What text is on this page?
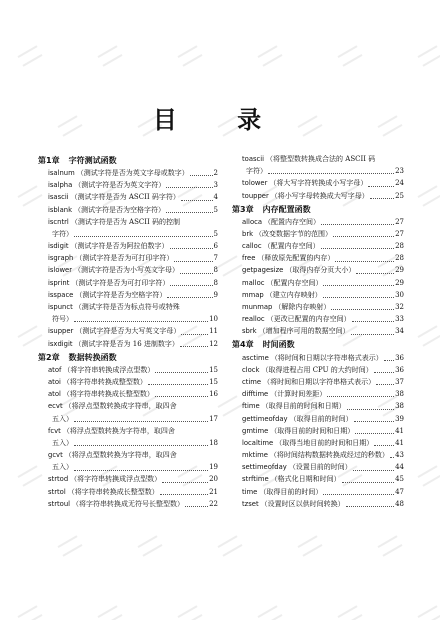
目 录
第1章 字符测试函数
isalnum （测试字符是否为英文字母或数字）	2
isalpha （测试字符是否为英文字符）	3
isascii （测试字符是否为 ASCII 码字符）	4
isblank （测试字符是否为空格字符）	5
iscntrl （测试字符是否为 ASCII 码的控制
字符）	5
isdigit （测试字符是否为阿拉伯数字）	6
isgraph （测试字符是否为可打印字符）	7
islower （测试字符是否为小写英文字母）	8
isprint （测试字符是否为可打印字符）	8
isspace （测试字符是否为空格字符）	9
ispunct （测试字符是否为标点符号或特殊
符号）	10
isupper （测试字符是否为大写英文字母）	11
isxdigit （测试字符是否为 16 进制数字）	12
第2章 数据转换函数
atof （将字符串转换成浮点型数）	15
atoi （将字符串转换成整型数）	15
atol （将字符串转换成长整型数）	16
ecvt （将浮点型数转换成字符串，取四舍
五入）	17
fcvt （将浮点型数转换为字符串，取四舍
五入）	18
gcvt （将浮点型数转换为字符串，取四舍
五入）	19
strtod （将字符串转换成浮点型数）	20
strtol （将字符串转换成长整型数）	21
strtoul （将字符串转换成无符号长整型数）	22
toascii （将整型数转换成合法的 ASCII 码
字符）	23
tolower （将大写字符转换成小写字母）	24
toupper （将小写字母转换成大写字母）	25
第3章 内存配置函数
alloca （配置内存空间）	27
brk （改变数据字节的范围）	27
calloc （配置内存空间）	28
free （释放原先配置的内存）	28
getpagesize （取得内存分页大小）	29
malloc （配置内存空间）	29
mmap （建立内存映射）	30
munmap （解除内存映射）	32
realloc （更改已配置的内存空间）	33
sbrk （增加程序可用的数据空间）	34
第4章 时间函数
asctime （将时间和日期以字符串格式表示） 36
clock （取得进程占用 CPU 的大约时间）	36
ctime （将时间和日期以字符串格式表示）	37
difftime （计算时间差距）	38
ftime （取得目前的时间和日期）	38
gettimeofday （取得目前的时间）	39
gmtime （取得目前的时间和日期）	41
localtime （取得当地目前的时间和日期）	41
mktime （将时间结构数据转换成经过的秒数） 43
settimeofday （设置目前的时间）	44
strftime （格式化日期和时间）	45
time （取得目前的时间）	47
tzset （设置时区以供时间转换）	48
